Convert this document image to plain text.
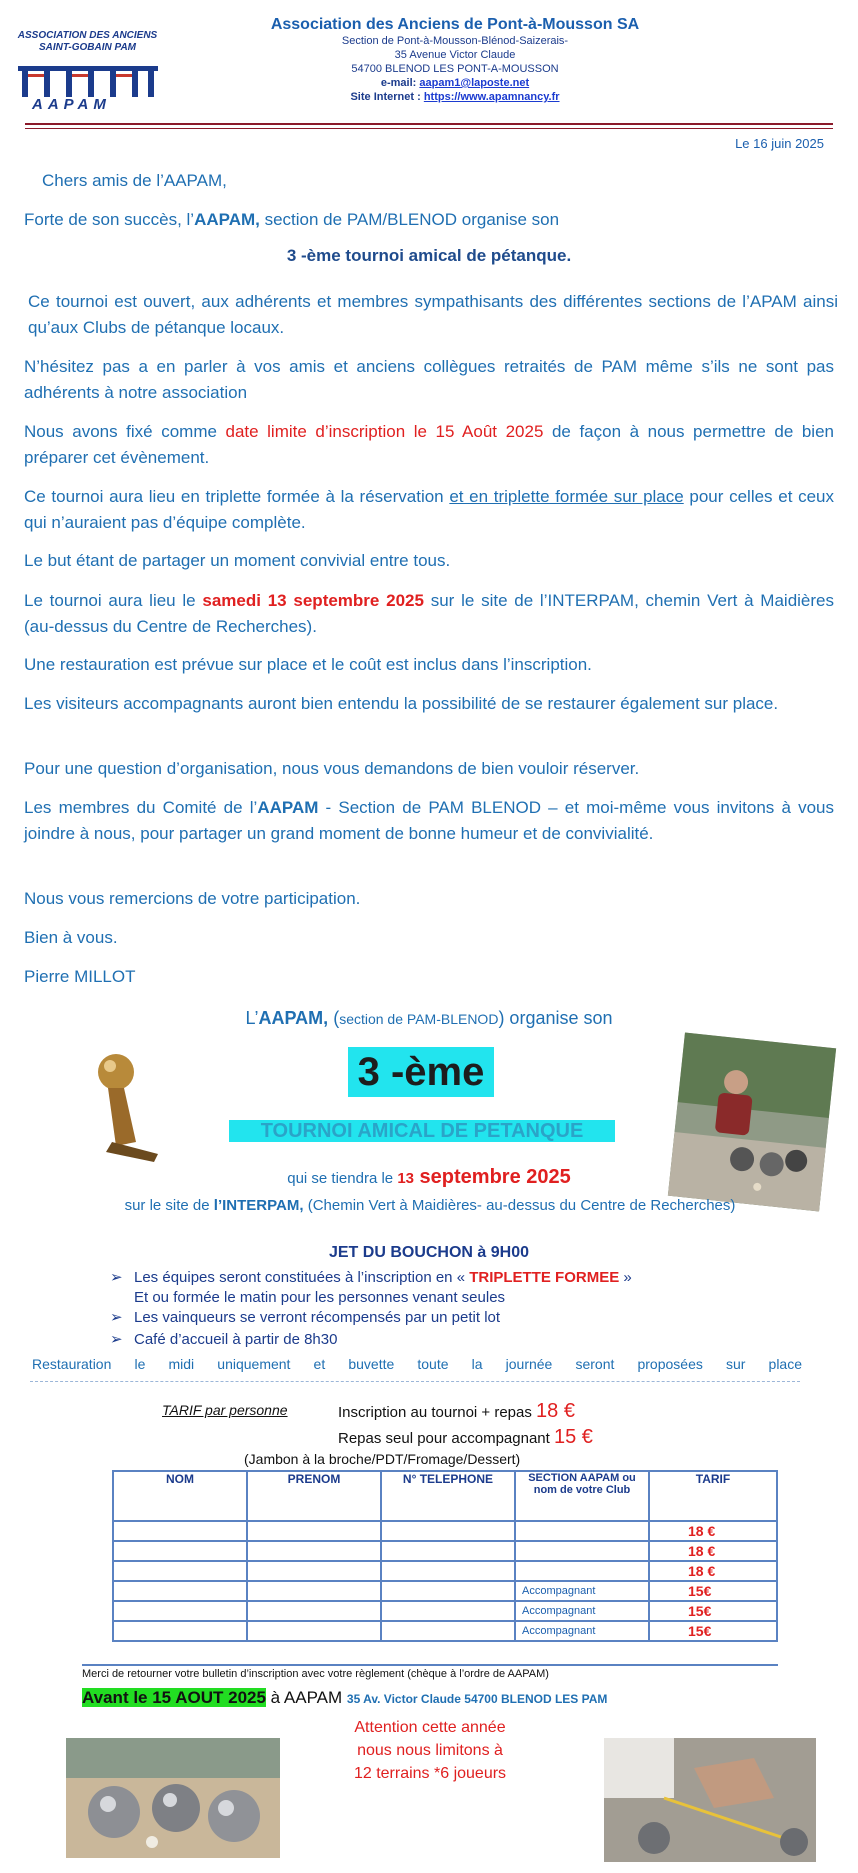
ASSOCIATION DES ANCIENS
SAINT-GOBAIN PAM
AAPAM
Association des Anciens de Pont-à-Mousson SA
Section de Pont-à-Mousson-Blénod-Saizerais-
35 Avenue Victor Claude
54700 BLENOD LES PONT-A-MOUSSON
e-mail: aapam1@laposte.net
Site Internet : https://www.apamnancy.fr
Le 16 juin 2025
Chers amis de l’AAPAM,
Forte de son succès, l’AAPAM, section de PAM/BLENOD organise son
3 -ème tournoi amical de pétanque.
Ce tournoi est ouvert, aux adhérents et membres sympathisants des différentes sections de l’APAM ainsi qu’aux Clubs de pétanque locaux.
N’hésitez pas a en parler à vos amis et anciens collègues retraités de PAM même s’ils ne sont pas adhérents à notre association
Nous avons fixé comme date limite d’inscription le 15 Août 2025 de façon à nous permettre de bien préparer cet évènement.
Ce tournoi aura lieu en triplette formée à la réservation et en triplette formée sur place pour celles et ceux qui n’auraient pas d’équipe complète.
Le but étant de partager un moment convivial entre tous.
Le tournoi aura lieu le samedi 13 septembre 2025 sur le site de l’INTERPAM, chemin Vert à Maidières (au-dessus du Centre de Recherches).
Une restauration est prévue sur place et le coût est inclus dans l’inscription.
Les visiteurs accompagnants auront bien entendu la possibilité de se restaurer également sur place.
Pour une question d’organisation, nous vous demandons de bien vouloir réserver.
Les membres du Comité de l’AAPAM - Section de PAM BLENOD – et moi-même vous invitons à vous joindre à nous, pour partager un grand moment de bonne humeur et de convivialité.
Nous vous remercions de votre participation.
Bien à vous.
Pierre MILLOT
L’AAPAM, (section de PAM-BLENOD) organise son
3 -ème
TOURNOI AMICAL DE PETANQUE
qui se tiendra le 13 septembre 2025
sur le site de l’INTERPAM, (Chemin Vert à Maidières- au-dessus du Centre de Recherches)
JET DU BOUCHON à 9H00
➢ Les équipes seront constituées à l’inscription en « TRIPLETTE FORMEE »
Et ou formée le matin pour les personnes venant seules
➢ Les vainqueurs se verront récompensés par un petit lot
➢ Café d’accueil à partir de 8h30
Restauration le midi uniquement et buvette toute la journée seront proposées sur place
TARIF par personne	Inscription au tournoi + repas 18 €
Repas seul pour accompagnant 15 €
(Jambon à la broche/PDT/Fromage/Dessert)
NOM	PRENOM	N° TELEPHONE	SECTION AAPAM ou nom de votre Club	TARIF
				18 €
				18 €
				18 €
			Accompagnant	15€
			Accompagnant	15€
			Accompagnant	15€
Merci de retourner votre bulletin d’inscription avec votre règlement (chèque à l’ordre de AAPAM)
Avant le 15 AOUT 2025 à AAPAM 35 Av. Victor Claude 54700 BLENOD LES PAM
Attention cette année
nous nous limitons à
12 terrains *6 joueurs
